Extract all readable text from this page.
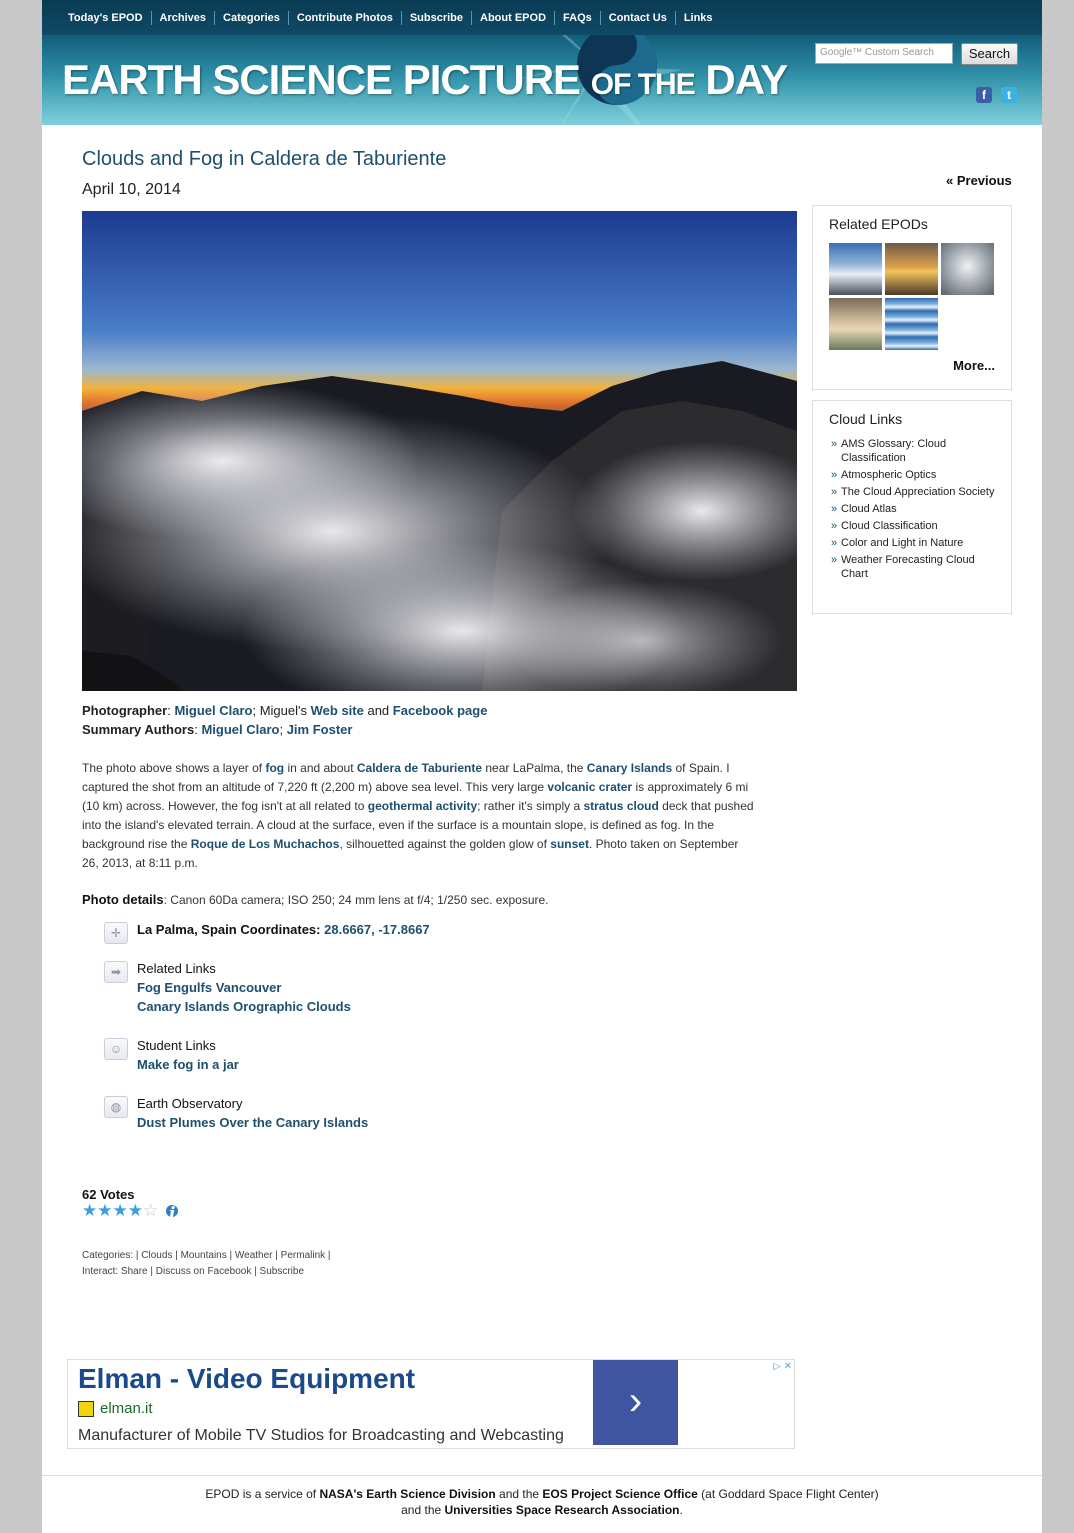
Today's EPOD	Archives	Categories	Contribute Photos	Subscribe	About EPOD	FAQs	Contact Us	Links
EARTH SCIENCE PICTURE OF THE DAY
Google™ Custom Search	Search
f	t
Clouds and Fog in Caldera de Taburiente
April 10, 2014
Photographer: Miguel Claro; Miguel's Web site and Facebook page
Summary Authors: Miguel Claro; Jim Foster
The photo above shows a layer of fog in and about Caldera de Taburiente near LaPalma, the Canary Islands of Spain. I captured the shot from an altitude of 7,220 ft (2,200 m) above sea level. This very large volcanic crater is approximately 6 mi (10 km) across. However, the fog isn't at all related to geothermal activity; rather it's simply a stratus cloud deck that pushed into the island's elevated terrain. A cloud at the surface, even if the surface is a mountain slope, is defined as fog. In the background rise the Roque de Los Muchachos, silhouetted against the golden glow of sunset. Photo taken on September 26, 2013, at 8:11 p.m.
Photo details: Canon 60Da camera; ISO 250; 24 mm lens at f/4; 1/250 sec. exposure.
✛	La Palma, Spain Coordinates: 28.6667, -17.8667
➡	Related Links
Fog Engulfs Vancouver
Canary Islands Orographic Clouds
☺	Student Links
Make fog in a jar
◍	Earth Observatory
Dust Plumes Over the Canary Islands
62 Votes
★★★★☆ i
Categories: | Clouds | Mountains | Weather | Permalink |
Interact: Share | Discuss on Facebook | Subscribe
« Previous
Related EPODs
More...
Cloud Links
» AMS Glossary: Cloud Classification
» Atmospheric Optics
» The Cloud Appreciation Society
» Cloud Atlas
» Cloud Classification
» Color and Light in Nature
» Weather Forecasting Cloud Chart
Elman - Video Equipment
elman.it
Manufacturer of Mobile TV Studios for Broadcasting and Webcasting
›
▷ ✕
EPOD is a service of NASA's Earth Science Division and the EOS Project Science Office (at Goddard Space Flight Center)
and the Universities Space Research Association.
